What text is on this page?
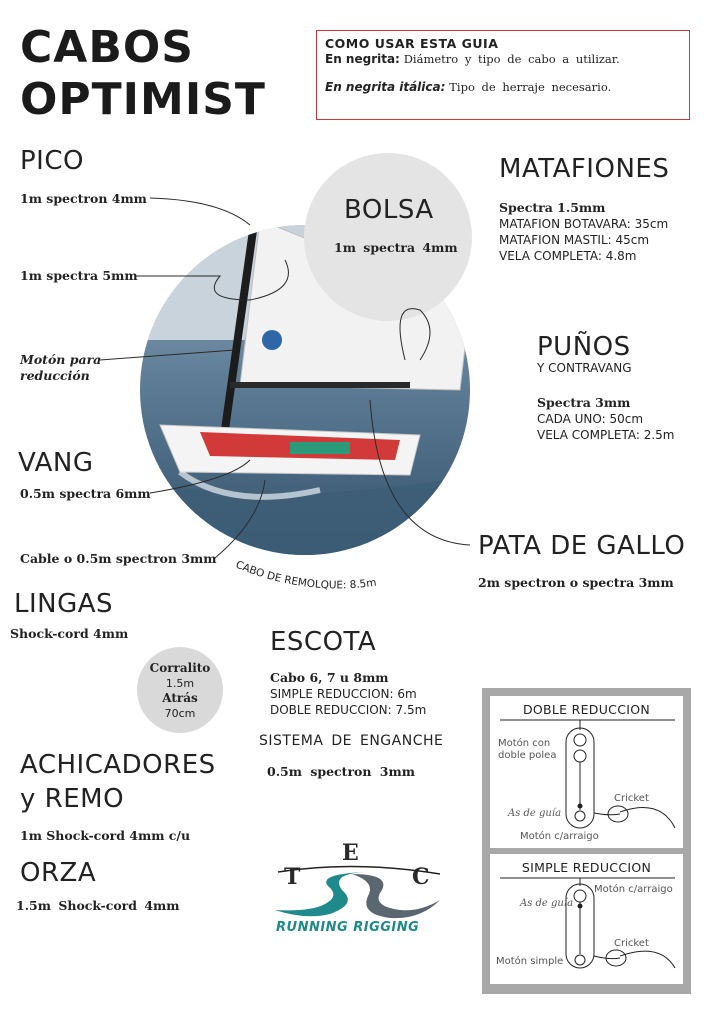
CABOS
OPTIMIST
COMO USAR ESTA GUIA
En negrita: Diámetro y tipo de cabo a utilizar.
En negrita itálica: Tipo de herraje necesario.
BOLSA
1m spectra 4mm
PICO
1m spectron 4mm
1m spectra 5mm
Motón para
reducción
MATAFIONES
Spectra 1.5mm
MATAFION BOTAVARA: 35cm
MATAFION MASTIL: 45cm
VELA COMPLETA: 4.8m
PUÑOS
Y CONTRAVANG
Spectra 3mm
CADA UNO: 50cm
VELA COMPLETA: 2.5m
VANG
0.5m spectra 6mm
Cable o 0.5m spectron 3mm CABO DE REMOLQUE: 8.5m
PATA DE GALLO
2m spectron o spectra 3mm
LINGAS
Shock-cord 4mm
Corralito
1.5m
Atrás
70cm
ESCOTA
Cabo 6, 7 u 8mm
SIMPLE REDUCCION: 6m
DOBLE REDUCCION: 7.5m
SISTEMA DE ENGANCHE
0.5m spectron 3mm
ACHICADORES
y REMO
1m Shock-cord 4mm c/u
ORZA
1.5m Shock-cord 4mm
E
T	C
RUNNING RIGGING
DOBLE REDUCCION
Motón con
doble polea
As de guía
Cricket
Motón c/arraigo
SIMPLE REDUCCION
Motón c/arraigo
As de guía
Cricket
Motón simple
